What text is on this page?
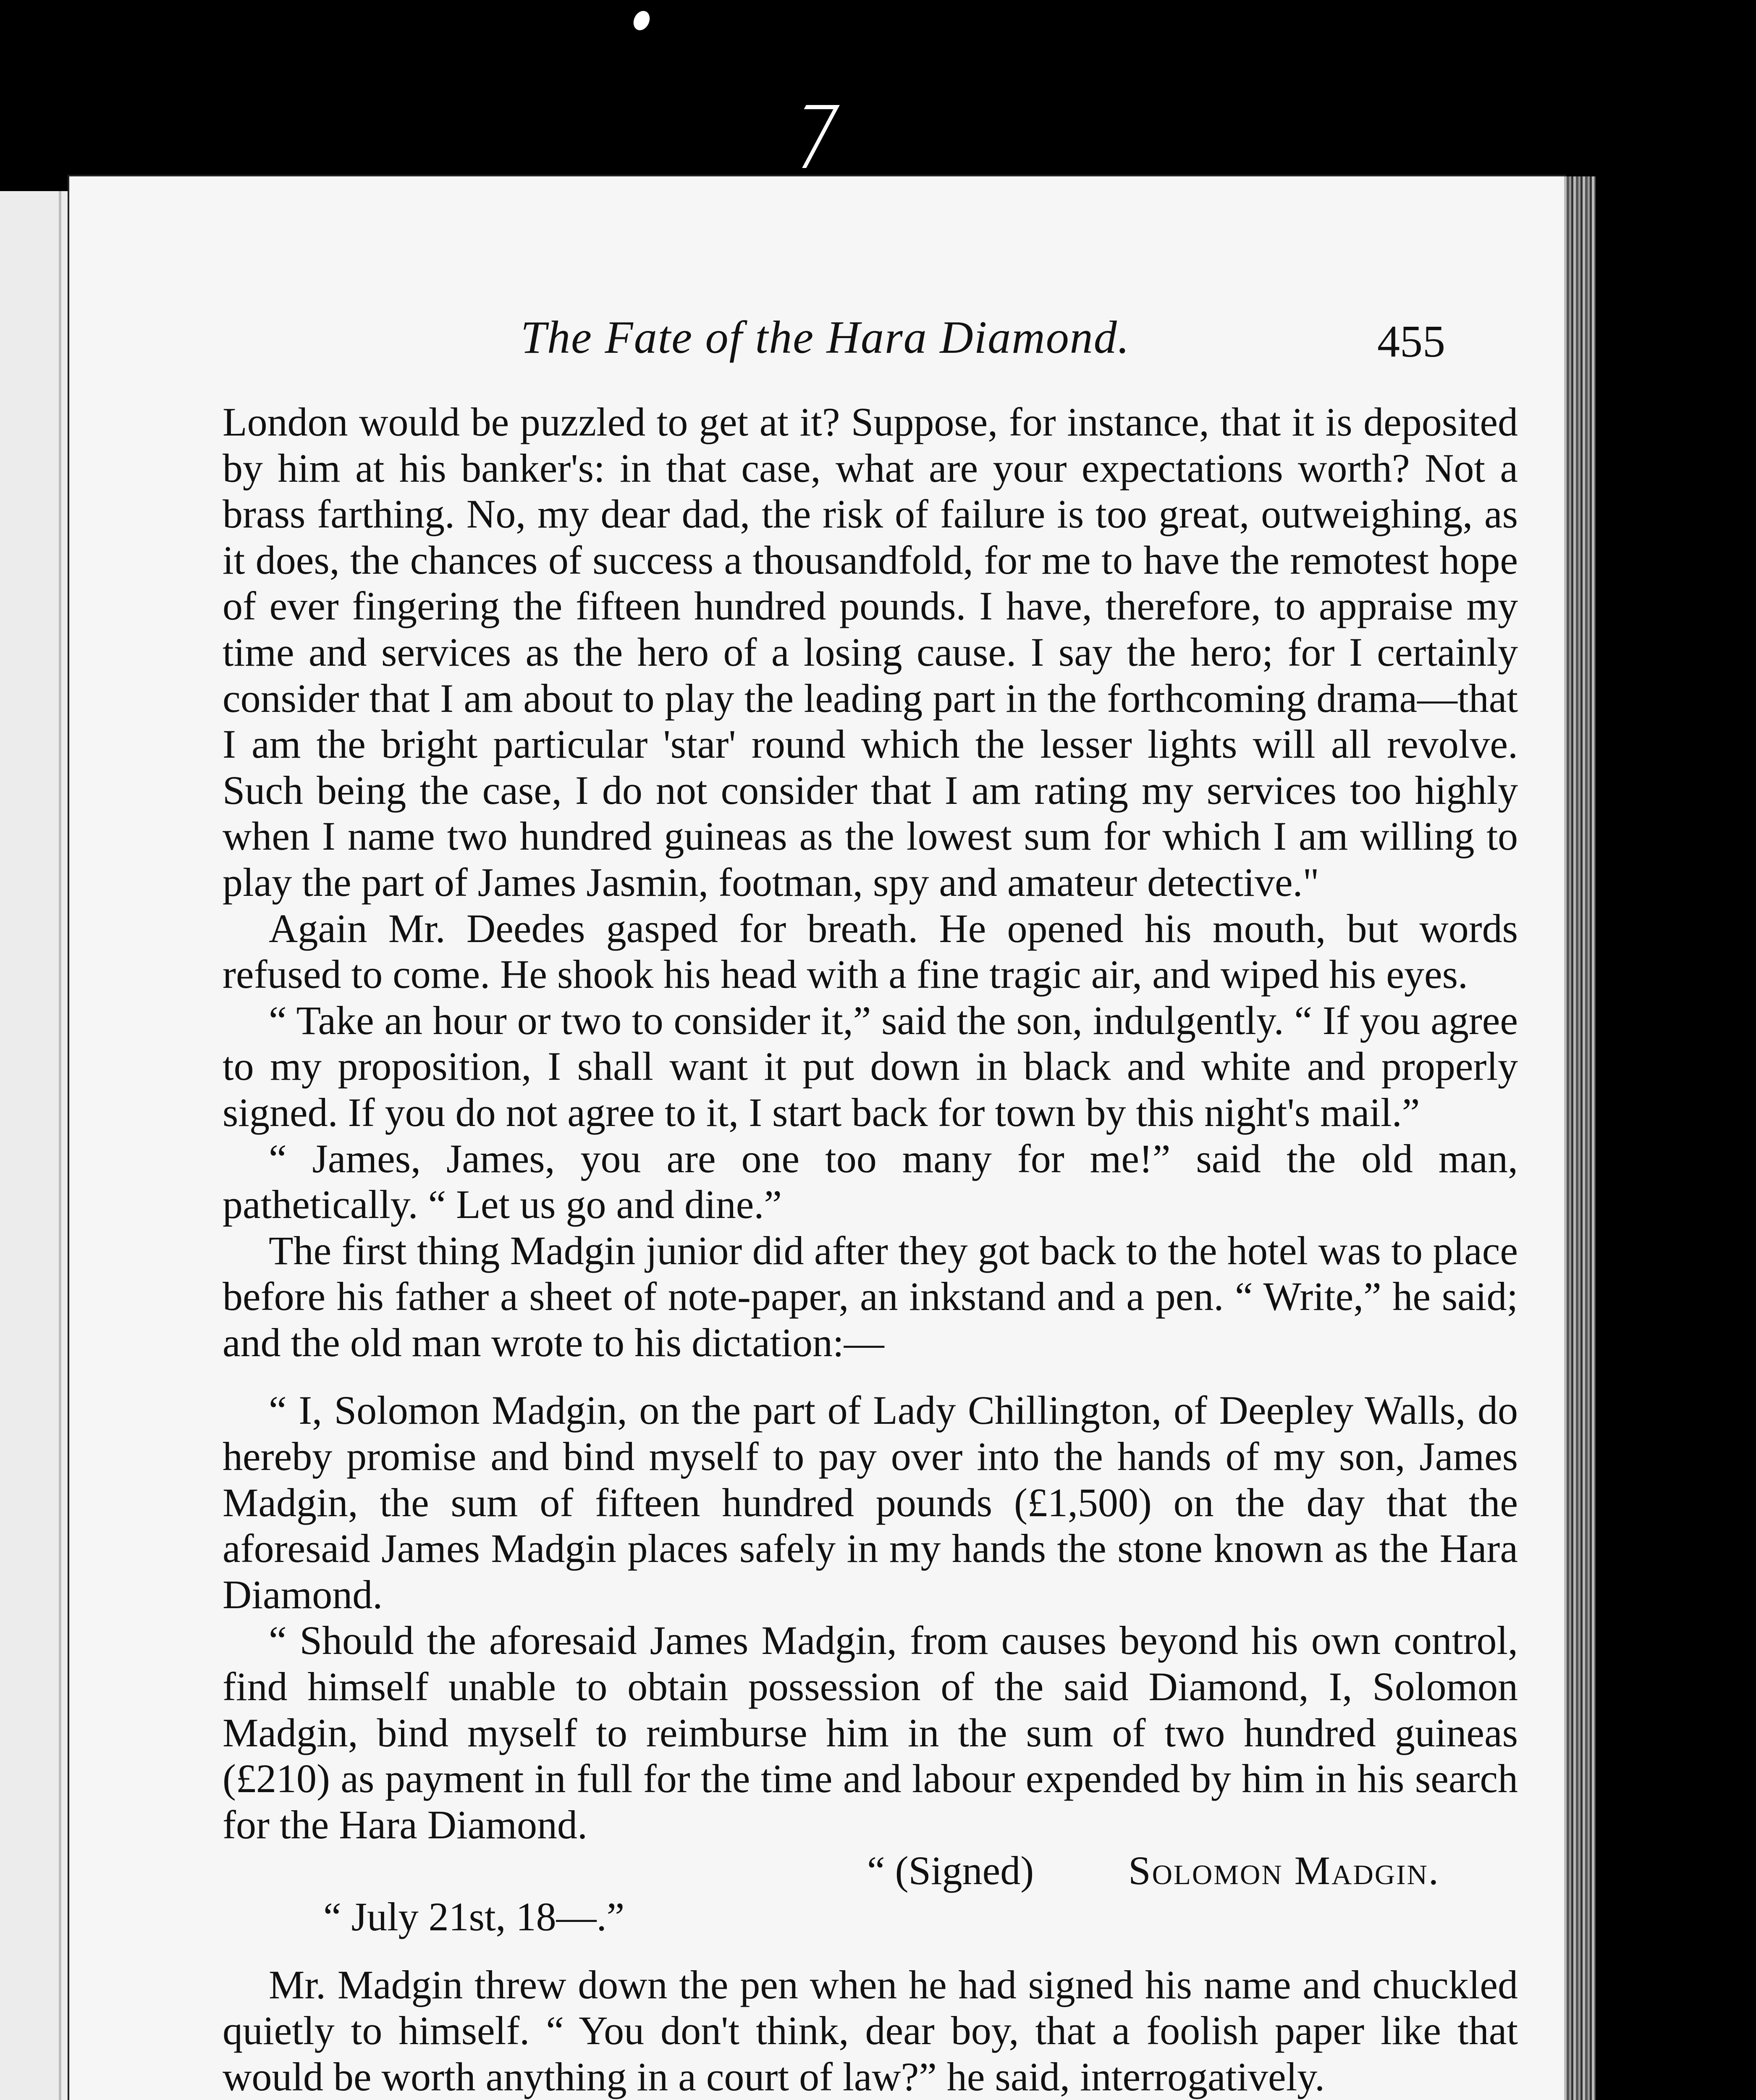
The Fate of the Hara Diamond.	455

London would be puzzled to get at it? Suppose, for instance, that it is deposited by him at his banker's: in that case, what are your expectations worth? Not a brass farthing. No, my dear dad, the risk of failure is too great, outweighing, as it does, the chances of success a thousandfold, for me to have the remotest hope of ever fingering the fifteen hundred pounds. I have, therefore, to appraise my time and services as the hero of a losing cause. I say the hero; for I certainly consider that I am about to play the leading part in the forthcoming drama—that I am the bright particular 'star' round which the lesser lights will all revolve. Such being the case, I do not consider that I am rating my services too highly when I name two hundred guineas as the lowest sum for which I am willing to play the part of James Jasmin, footman, spy and amateur detective."

Again Mr. Deedes gasped for breath. He opened his mouth, but words refused to come. He shook his head with a fine tragic air, and wiped his eyes.

“ Take an hour or two to consider it,” said the son, indulgently. “ If you agree to my proposition, I shall want it put down in black and white and properly signed. If you do not agree to it, I start back for town by this night's mail.”

“ James, James, you are one too many for me!” said the old man, pathetically. “ Let us go and dine.”

The first thing Madgin junior did after they got back to the hotel was to place before his father a sheet of note-paper, an inkstand and a pen. “ Write,” he said; and the old man wrote to his dictation:—

“ I, Solomon Madgin, on the part of Lady Chillington, of Deepley Walls, do hereby promise and bind myself to pay over into the hands of my son, James Madgin, the sum of fifteen hundred pounds (£1,500) on the day that the aforesaid James Madgin places safely in my hands the stone known as the Hara Diamond.

“ Should the aforesaid James Madgin, from causes beyond his own control, find himself unable to obtain possession of the said Diamond, I, Solomon Madgin, bind myself to reimburse him in the sum of two hundred guineas (£210) as payment in full for the time and labour expended by him in his search for the Hara Diamond.

“ (Signed) Solomon Madgin.

“ July 21st, 18—.”

Mr. Madgin threw down the pen when he had signed his name and chuckled quietly to himself. “ You don't think, dear boy, that a foolish paper like that would be worth anything in a court of law?” he said, interrogatively.
